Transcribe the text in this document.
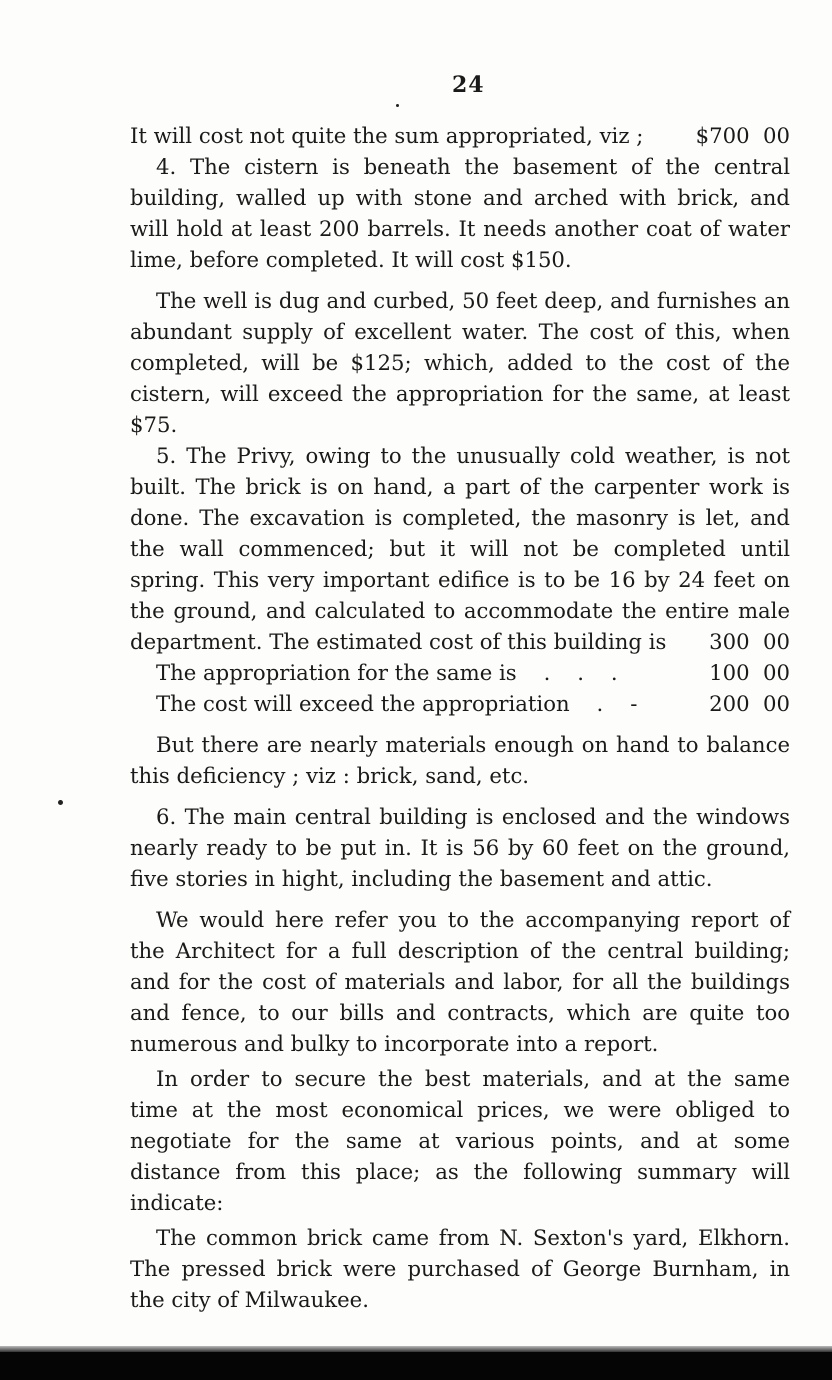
24
It will cost not quite the sum appropriated, viz ; $700  00

4. The cistern is beneath the basement of the central building, walled up with stone and arched with brick, and will hold at least 200 barrels. It needs another coat of water lime, before completed. It will cost $150.

The well is dug and curbed, 50 feet deep, and furnishes an abundant supply of excellent water. The cost of this, when completed, will be $125; which, added to the cost of the cistern, will exceed the appropriation for the same, at least $75.

5. The Privy, owing to the unusually cold weather, is not built. The brick is on hand, a part of the carpenter work is done. The excavation is completed, the masonry is let, and the wall commenced; but it will not be completed until spring. This very important edifice is to be 16 by 24 feet on the ground, and calculated to accommodate the entire male

department. The estimated cost of this building is 300  00
The appropriation for the same is    .    .    .	100  00
The cost will exceed the appropriation    .    -	200  00

But there are nearly materials enough on hand to balance this deficiency ; viz : brick, sand, etc.

6. The main central building is enclosed and the windows nearly ready to be put in. It is 56 by 60 feet on the ground, five stories in hight, including the basement and attic.

We would here refer you to the accompanying report of the Architect for a full description of the central building; and for the cost of materials and labor, for all the buildings and fence, to our bills and contracts, which are quite too numerous and bulky to incorporate into a report.

In order to secure the best materials, and at the same time at the most economical prices, we were obliged to negotiate for the same at various points, and at some distance from this place; as the following summary will indicate:

The common brick came from N. Sexton's yard, Elkhorn. The pressed brick were purchased of George Burnham, in the city of Milwaukee.
